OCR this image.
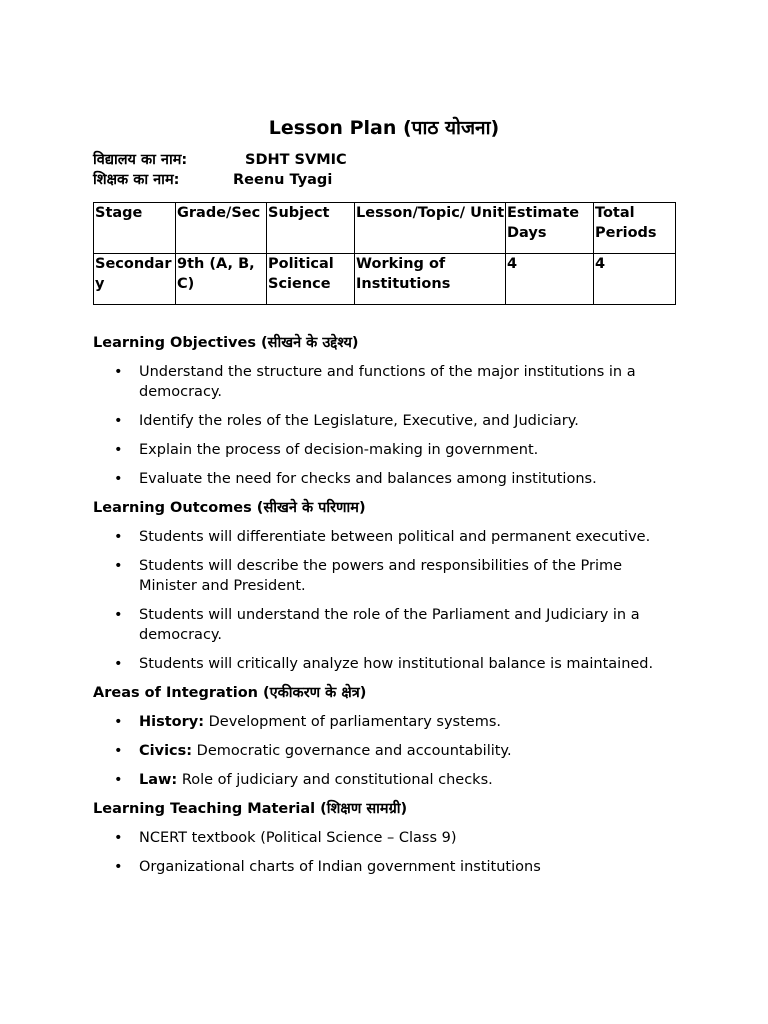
Lesson Plan (पाठ योजना)
विद्यालय का नाम:	SDHT SVMIC
शिक्षक का नाम:	Reenu Tyagi
Stage	Grade/Sec	Subject	Lesson/Topic/ Unit	Estimate Days	Total Periods
Secondary	9th (A, B, C)	Political Science	Working of Institutions	4	4
Learning Objectives (सीखने के उद्देश्य)
• Understand the structure and functions of the major institutions in a democracy.
• Identify the roles of the Legislature, Executive, and Judiciary.
• Explain the process of decision-making in government.
• Evaluate the need for checks and balances among institutions.
Learning Outcomes (सीखने के परिणाम)
• Students will differentiate between political and permanent executive.
• Students will describe the powers and responsibilities of the Prime Minister and President.
• Students will understand the role of the Parliament and Judiciary in a democracy.
• Students will critically analyze how institutional balance is maintained.
Areas of Integration (एकीकरण के क्षेत्र)
• History: Development of parliamentary systems.
• Civics: Democratic governance and accountability.
• Law: Role of judiciary and constitutional checks.
Learning Teaching Material (शिक्षण सामग्री)
• NCERT textbook (Political Science – Class 9)
• Organizational charts of Indian government institutions
